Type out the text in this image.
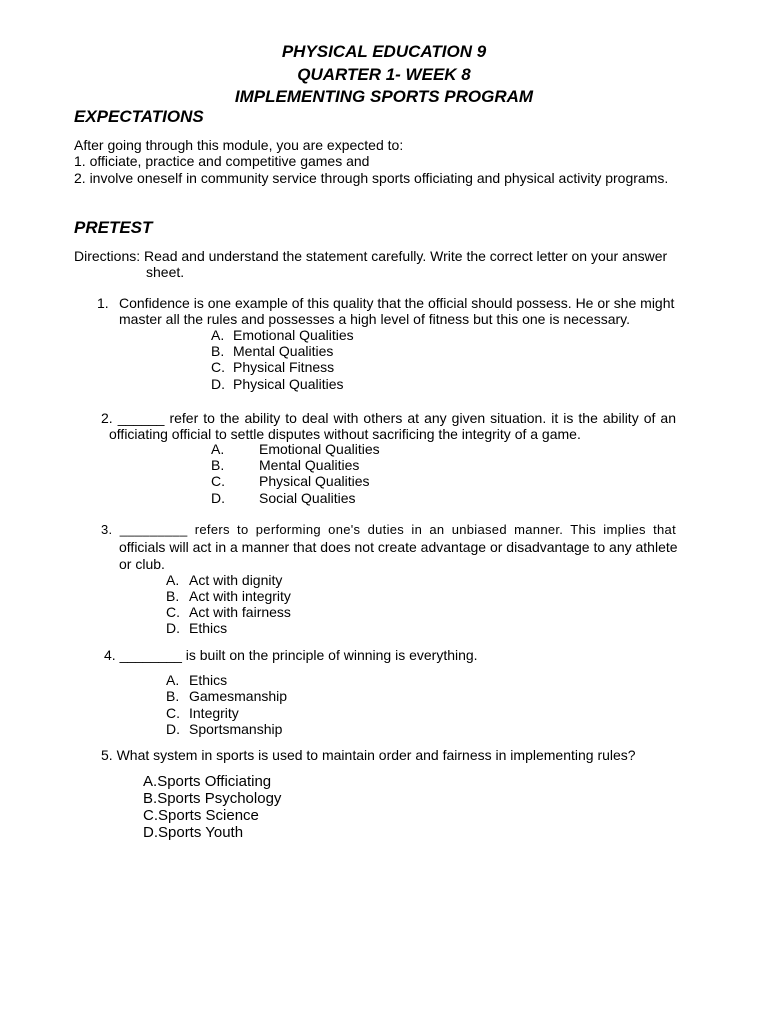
PHYSICAL EDUCATION 9
QUARTER 1- WEEK 8
IMPLEMENTING SPORTS PROGRAM
EXPECTATIONS
After going through this module, you are expected to:
1. officiate, practice and competitive games and
2. involve oneself in community service through sports officiating and physical activity programs.
PRETEST
Directions: Read and understand the statement carefully. Write the correct letter on your answer
sheet.
1. Confidence is one example of this quality that the official should possess. He or she might
master all the rules and possesses a high level of fitness but this one is necessary.
A. Emotional Qualities
B. Mental Qualities
C. Physical Fitness
D. Physical Qualities
2. ______ refer to the ability to deal with others at any given situation. it is the ability of an
officiating official to settle disputes without sacrificing the integrity of a game.
A. Emotional Qualities
B. Mental Qualities
C. Physical Qualities
D. Social Qualities
3. _________ refers to performing one's duties in an unbiased manner. This implies that
officials will act in a manner that does not create advantage or disadvantage to any athlete
or club.
A. Act with dignity
B. Act with integrity
C. Act with fairness
D. Ethics
4. ________ is built on the principle of winning is everything.
A. Ethics
B. Gamesmanship
C. Integrity
D. Sportsmanship
5. What system in sports is used to maintain order and fairness in implementing rules?
A.Sports Officiating
B.Sports Psychology
C.Sports Science
D.Sports Youth
